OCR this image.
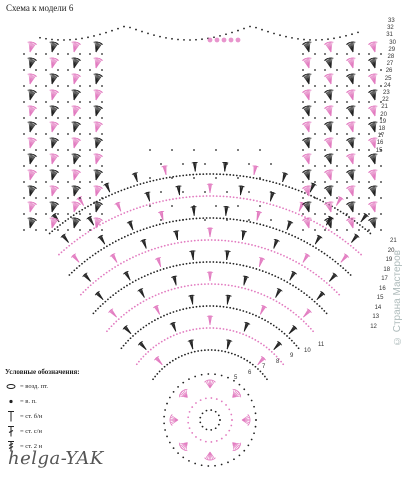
Схема к модели 6
Условные обозначения:
= возд. пт.
= в. п.
= ст. б/н
= ст. с/н
= ст. 2 н
33
32
31
30
29
28
27
26
25
24
23
22
21
20
19
18
17
16
15
21
20
19
18
17
16
15
14
13
12
11
10
9
8
7
6
5
helga-YAK
© Страна Мастеров
